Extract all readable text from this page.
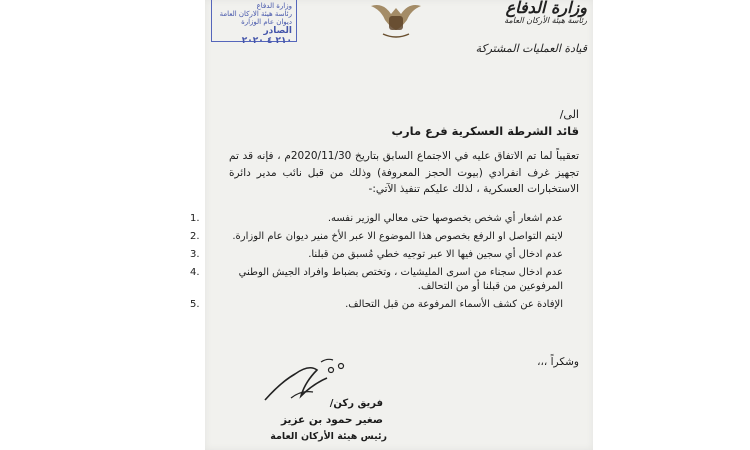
وزارة الدفاع
رئاسة هيئة الاركان العامة
ديوان عام الوزارة
الصادر
٢١٠ ٤ ٢٠٢٠
وزارة الدفاع
رئاسة هيئة الأركان العامة
قيادة العمليات المشتركة
الى/
قائد الشرطة العسكرية فرع مارب
تعقيباً لما تم الاتفاق عليه في الاجتماع السابق بتاريخ 2020/11/30م ، فإنه قد تم تجهيز غرف انفرادي (بيوت الحجز المعروفة) وذلك من قبل نائب مدير دائرة الاستخبارات العسكرية ، لذلك عليكم تنفيذ الآتي:-
1.	عدم اشعار أي شخص بخصوصها حتى معالي الوزير نفسه.
2.	لايتم التواصل او الرفع بخصوص هذا الموضوع الا عبر الأخ منير ديوان عام الوزارة.
3.	عدم ادخال أي سجين فيها الا عبر توجيه خطي مُسبق من قبلنا.
4.	عدم ادخال سجناء من اسرى المليشيات ، وتختص بضباط وافراد الجيش الوطني المرفوعين من قبلنا أو من التحالف.
5.	الإفادة عن كشف الأسماء المرفوعة من قبل التحالف.
وشكراً ،،،
فريق ركن/
صغير حمود بن عزيز
رئيس هيئة الأركان العامة
